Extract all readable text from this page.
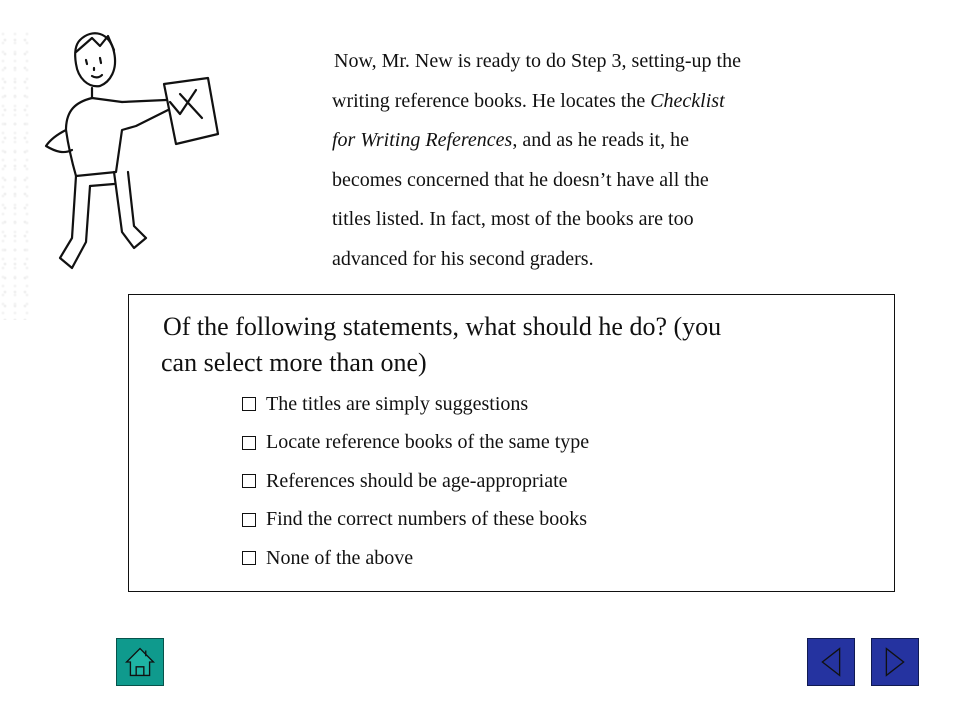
Now, Mr. New is ready to do Step 3, setting-up the
writing reference books. He locates the Checklist
for Writing References, and as he reads it, he
becomes concerned that he doesn’t have all the
titles listed. In fact, most of the books are too
advanced for his second graders.
Of the following statements, what should he do? (you
can select more than one)
The titles are simply suggestions
Locate reference books of the same type
References should be age-appropriate
Find the correct numbers of these books
None of the above
